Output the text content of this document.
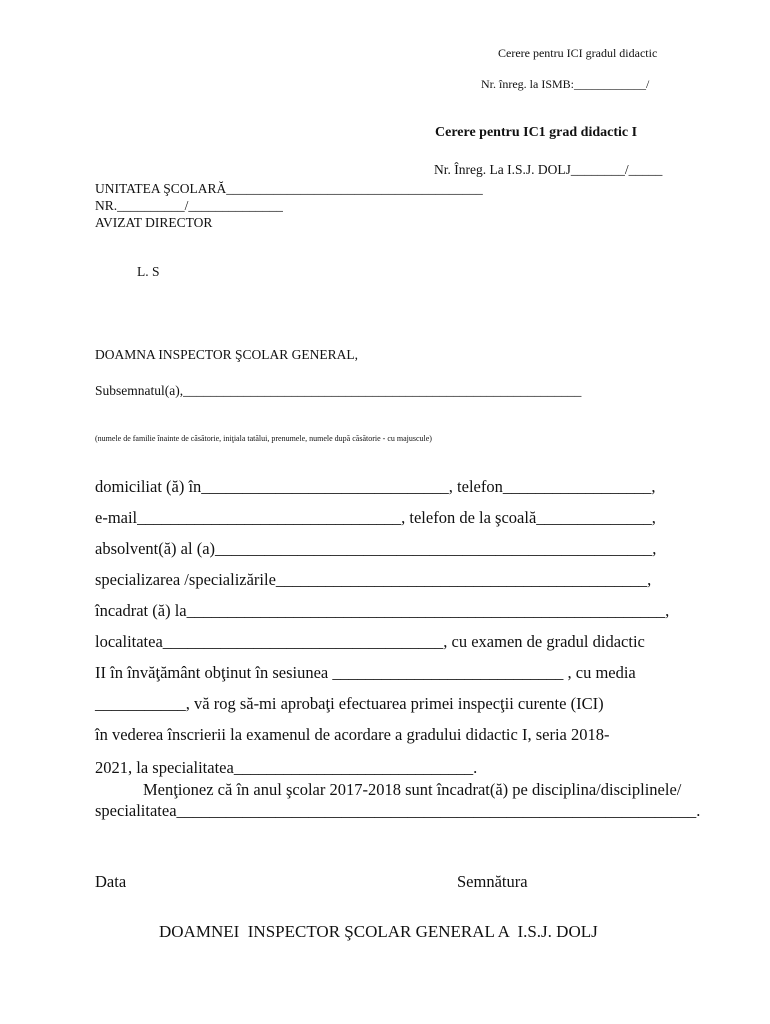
Cerere pentru ICI gradul didactic
Nr. înreg. la ISMB:____________/
Cerere pentru IC1 grad didactic I
Nr. Înreg. La I.S.J. DOLJ________/_____
UNITATEA ŞCOLARĂ______________________________________
NR.__________/______________
AVIZAT DIRECTOR
L. S
DOAMNA INSPECTOR ŞCOLAR GENERAL,
Subsemnatul(a),___________________________________________________________
(numele de familie înainte de căsătorie, iniţiala tatălui, prenumele, numele după căsătorie - cu majuscule)
domiciliat (ă) în______________________________, telefon__________________,
e-mail________________________________, telefon de la şcoală______________,
absolvent(ă) al (a)_____________________________________________________,
specializarea /specializările_____________________________________________,
încadrat (ă) la__________________________________________________________,
localitatea__________________________________, cu examen de gradul didactic
II în învăţământ obţinut în sesiunea ____________________________ , cu media
___________, vă rog să-mi aprobaţi efectuarea primei inspecţii curente (ICI)
în vederea înscrierii la examenul de acordare a gradului didactic I, seria 2018-
2021, la specialitatea_____________________________.
Menţionez că în anul şcolar 2017-2018 sunt încadrat(ă) pe disciplina/disciplinele/
specialitatea_______________________________________________________________.
Data	Semnătura
DOAMNEI  INSPECTOR ŞCOLAR GENERAL A  I.S.J. DOLJ
